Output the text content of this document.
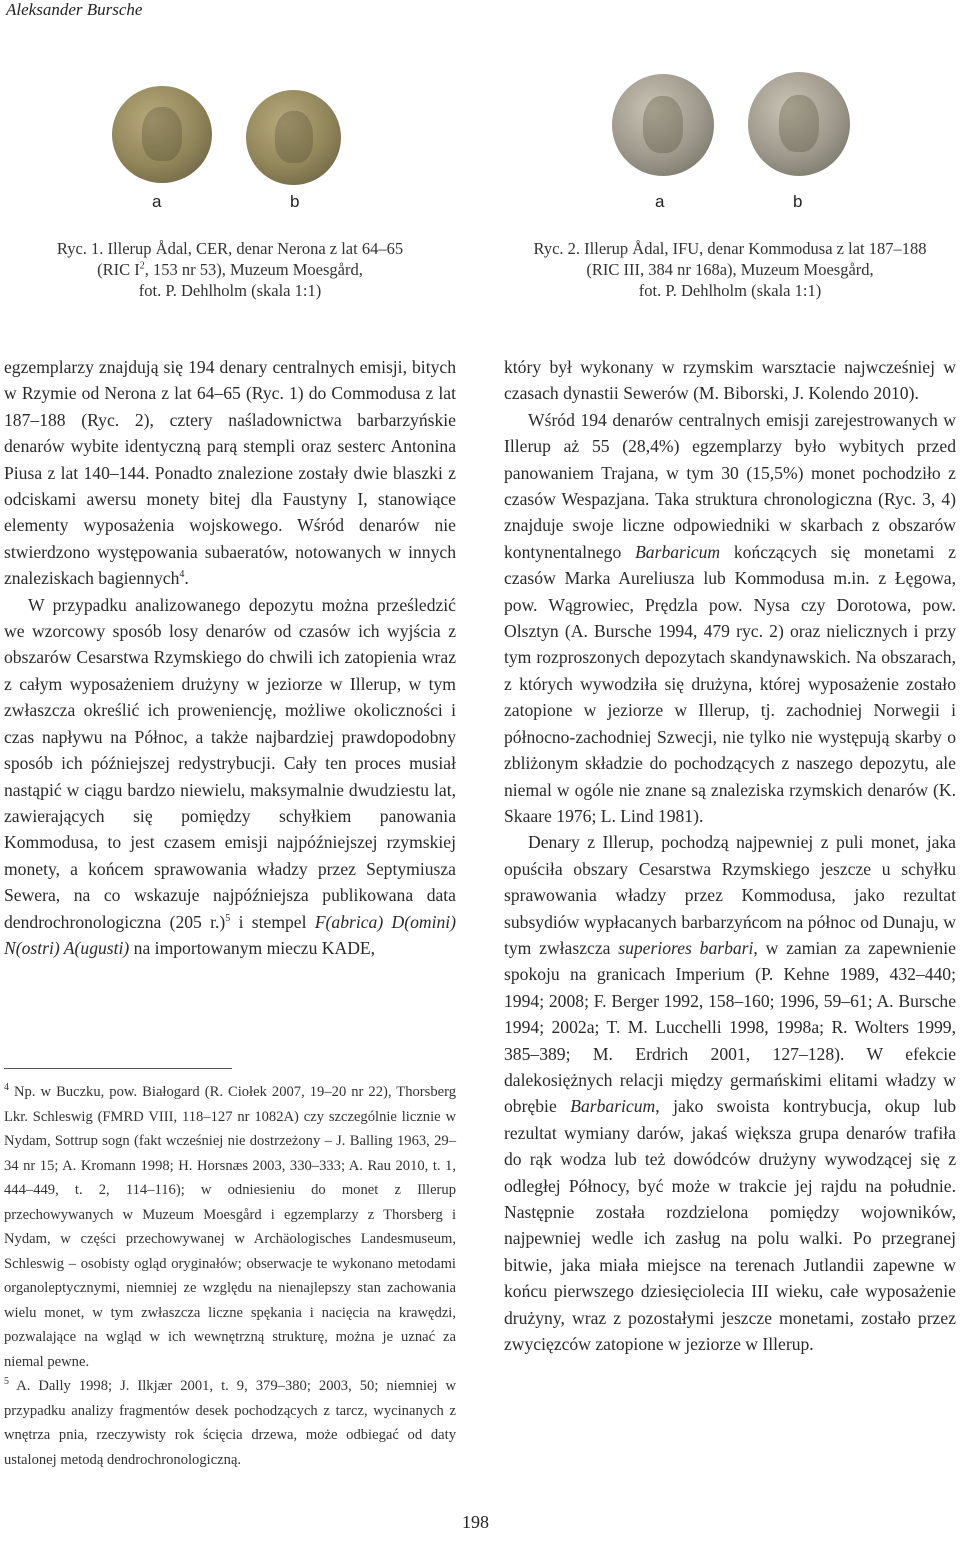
Aleksander Bursche
a	b
Ryc. 1. Illerup Ådal, CER, denar Nerona z lat 64–65
(RIC $I^2$, 153 nr 53), Muzeum Moesgård,
fot. P. Dehlholm (skala 1:1)
a	b
Ryc. 2. Illerup Ådal, IFU, denar Kommodusa z lat 187–188
(RIC III, 384 nr 168a), Muzeum Moesgård,
fot. P. Dehlholm (skala 1:1)

egzemplarzy znajdują się 194 denary centralnych emisji, bitych w Rzymie od Nerona z lat 64–65 (Ryc. 1) do Commodusa z lat 187–188 (Ryc. 2), cztery naśladownictwa barbarzyńskie denarów wybite identyczną parą stempli oraz sesterc Antonina Piusa z lat 140–144. Ponadto znalezione zostały dwie blaszki z odciskami awersu monety bitej dla Faustyny I, stanowiące elementy wyposażenia wojskowego. Wśród denarów nie stwierdzono występowania subaeratów, notowanych w innych znaleziskach bagiennych$^4$.

W przypadku analizowanego depozytu można prześledzić we wzorcowy sposób losy denarów od czasów ich wyjścia z obszarów Cesarstwa Rzymskiego do chwili ich zatopienia wraz z całym wyposażeniem drużyny w jeziorze w Illerup, w tym zwłaszcza określić ich proweniencję, możliwe okoliczności i czas napływu na Północ, a także najbardziej prawdopodobny sposób ich późniejszej redystrybucji. Cały ten proces musiał nastąpić w ciągu bardzo niewielu, maksymalnie dwudziestu lat, zawierających się pomiędzy schyłkiem panowania Kommodusa, to jest czasem emisji najpóźniejszej rzymskiej monety, a końcem sprawowania władzy przez Septymiusza Sewera, na co wskazuje najpóźniejsza publikowana data dendrochronologiczna (205 r.)$^5$ i stempel F(abrica) D(omini) N(ostri) A(ugusti) na importowanym mieczu KADE,

$^4$ Np. w Buczku, pow. Białogard (R. Ciołek 2007, 19–20 nr 22), Thorsberg Lkr. Schleswig (FMRD VIII, 118–127 nr 1082A) czy szczególnie licznie w Nydam, Sottrup sogn (fakt wcześniej nie dostrzeżony – J. Balling 1963, 29–34 nr 15; A. Kromann 1998; H. Horsnæs 2003, 330–333; A. Rau 2010, t. 1, 444–449, t. 2, 114–116); w odniesieniu do monet z Illerup przechowywanych w Muzeum Moesgård i egzemplarzy z Thorsberg i Nydam, w części przechowywanej w Archäologisches Landesmuseum, Schleswig – osobisty ogląd oryginałów; obserwacje te wykonano metodami organoleptycznymi, niemniej ze względu na nienajlepszy stan zachowania wielu monet, w tym zwłaszcza liczne spękania i nacięcia na krawędzi, pozwalające na wgląd w ich wewnętrzną strukturę, można je uznać za niemal pewne.

$^5$ A. Dally 1998; J. Ilkjær 2001, t. 9, 379–380; 2003, 50; niemniej w przypadku analizy fragmentów desek pochodzących z tarcz, wycinanych z wnętrza pnia, rzeczywisty rok ścięcia drzewa, może odbiegać od daty ustalonej metodą dendrochronologiczną.

który był wykonany w rzymskim warsztacie najwcześniej w czasach dynastii Sewerów (M. Biborski, J. Kolendo 2010).

Wśród 194 denarów centralnych emisji zarejestrowanych w Illerup aż 55 (28,4%) egzemplarzy było wybitych przed panowaniem Trajana, w tym 30 (15,5%) monet pochodziło z czasów Wespazjana. Taka struktura chronologiczna (Ryc. 3, 4) znajduje swoje liczne odpowiedniki w skarbach z obszarów kontynentalnego Barbaricum kończących się monetami z czasów Marka Aureliusza lub Kommodusa m.in. z Łęgowa, pow. Wągrowiec, Prędzla pow. Nysa czy Dorotowa, pow. Olsztyn (A. Bursche 1994, 479 ryc. 2) oraz nielicznych i przy tym rozproszonych depozytach skandynawskich. Na obszarach, z których wywodziła się drużyna, której wyposażenie zostało zatopione w jeziorze w Illerup, tj. zachodniej Norwegii i północno-zachodniej Szwecji, nie tylko nie występują skarby o zbliżonym składzie do pochodzących z naszego depozytu, ale niemal w ogóle nie znane są znaleziska rzymskich denarów (K. Skaare 1976; L. Lind 1981).

Denary z Illerup, pochodzą najpewniej z puli monet, jaka opuściła obszary Cesarstwa Rzymskiego jeszcze u schyłku sprawowania władzy przez Kommodusa, jako rezultat subsydiów wypłacanych barbarzyńcom na północ od Dunaju, w tym zwłaszcza superiores barbari, w zamian za zapewnienie spokoju na granicach Imperium (P. Kehne 1989, 432–440; 1994; 2008; F. Berger 1992, 158–160; 1996, 59–61; A. Bursche 1994; 2002a; T. M. Lucchelli 1998, 1998a; R. Wolters 1999, 385–389; M. Erdrich 2001, 127–128). W efekcie dalekosiężnych relacji między germańskimi elitami władzy w obrębie Barbaricum, jako swoista kontrybucja, okup lub rezultat wymiany darów, jakaś większa grupa denarów trafiła do rąk wodza lub też dowódców drużyny wywodzącej się z odległej Północy, być może w trakcie jej rajdu na południe. Następnie została rozdzielona pomiędzy wojowników, najpewniej wedle ich zasług na polu walki. Po przegranej bitwie, jaka miała miejsce na terenach Jutlandii zapewne w końcu pierwszego dziesięciolecia III wieku, całe wyposażenie drużyny, wraz z pozostałymi jeszcze monetami, zostało przez zwycięzców zatopione w jeziorze w Illerup.

198
